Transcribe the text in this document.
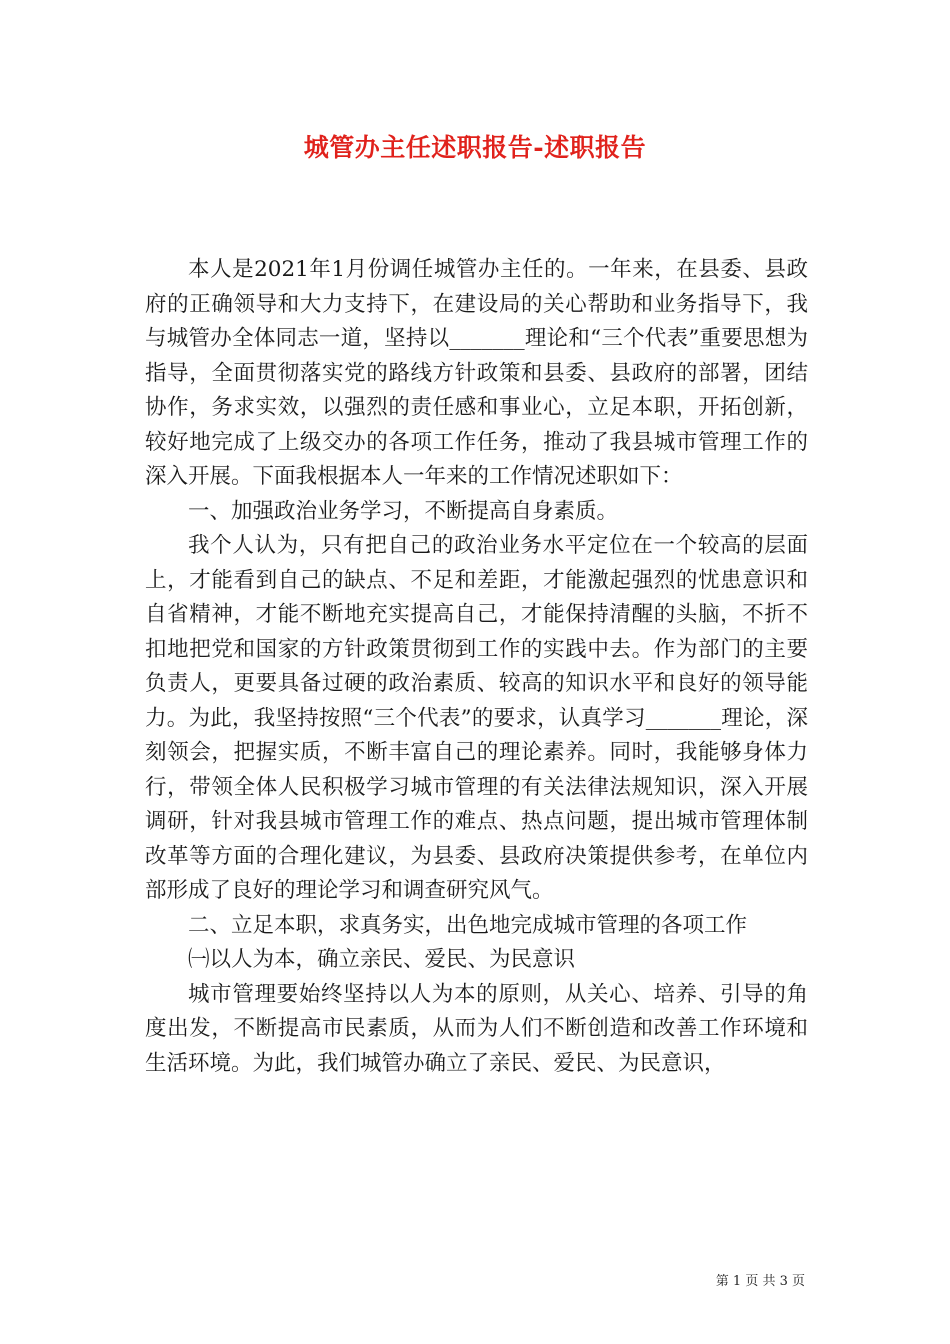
城管办主任述职报告-述职报告

本人是2021年1月份调任城管办主任的。一年来，在县委、县政府的正确领导和大力支持下，在建设局的关心帮助和业务指导下，我与城管办全体同志一道，坚持以_______理论和“三个代表”重要思想为指导，全面贯彻落实党的路线方针政策和县委、县政府的部署，团结协作，务求实效，以强烈的责任感和事业心，立足本职，开拓创新，较好地完成了上级交办的各项工作任务，推动了我县城市管理工作的深入开展。下面我根据本人一年来的工作情况述职如下：

一、加强政治业务学习，不断提高自身素质。

我个人认为，只有把自己的政治业务水平定位在一个较高的层面上，才能看到自己的缺点、不足和差距，才能激起强烈的忧患意识和自省精神，才能不断地充实提高自己，才能保持清醒的头脑，不折不扣地把党和国家的方针政策贯彻到工作的实践中去。作为部门的主要负责人，更要具备过硬的政治素质、较高的知识水平和良好的领导能力。为此，我坚持按照“三个代表”的要求，认真学习_______理论，深刻领会，把握实质，不断丰富自己的理论素养。同时，我能够身体力行，带领全体人民积极学习城市管理的有关法律法规知识，深入开展调研，针对我县城市管理工作的难点、热点问题，提出城市管理体制改革等方面的合理化建议，为县委、县政府决策提供参考，在单位内部形成了良好的理论学习和调查研究风气。

二、立足本职，求真务实，出色地完成城市管理的各项工作

㈠以人为本，确立亲民、爱民、为民意识

城市管理要始终坚持以人为本的原则，从关心、培养、引导的角度出发，不断提高市民素质，从而为人们不断创造和改善工作环境和生活环境。为此，我们城管办确立了亲民、爱民、为民意识，

第 1 页 共 3 页
